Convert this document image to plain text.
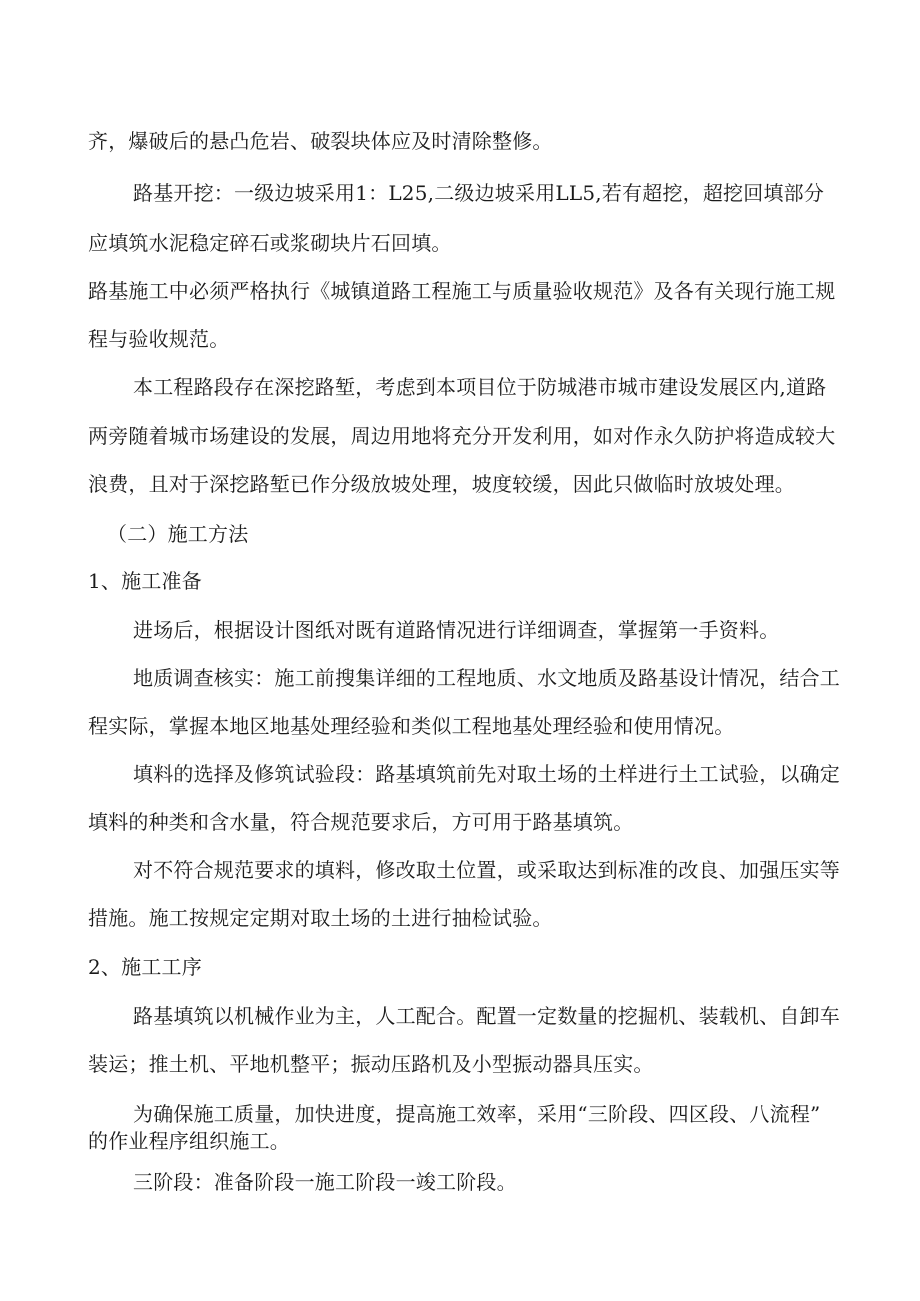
齐，爆破后的悬凸危岩、破裂块体应及时清除整修。
路基开挖：一级边坡采用1：L25,二级边坡采用LL5,若有超挖，超挖回填部分
应填筑水泥稳定碎石或浆砌块片石回填。
路基施工中必须严格执行《城镇道路工程施工与质量验收规范》及各有关现行施工规
程与验收规范。
本工程路段存在深挖路堑，考虑到本项目位于防城港市城市建设发展区内,道路
两旁随着城市场建设的发展，周边用地将充分开发利用，如对作永久防护将造成较大
浪费，且对于深挖路堑已作分级放坡处理，坡度较缓，因此只做临时放坡处理。
（二）施工方法
1、施工准备
进场后，根据设计图纸对既有道路情况进行详细调查，掌握第一手资料。
地质调查核实：施工前搜集详细的工程地质、水文地质及路基设计情况，结合工
程实际，掌握本地区地基处理经验和类似工程地基处理经验和使用情况。
填料的选择及修筑试验段：路基填筑前先对取土场的土样进行土工试验，以确定
填料的种类和含水量，符合规范要求后，方可用于路基填筑。
对不符合规范要求的填料，修改取土位置，或采取达到标准的改良、加强压实等
措施。施工按规定定期对取土场的土进行抽检试验。
2、施工工序
路基填筑以机械作业为主，人工配合。配置一定数量的挖掘机、装载机、自卸车
装运；推土机、平地机整平；振动压路机及小型振动器具压实。
为确保施工质量，加快进度，提高施工效率，采用“三阶段、四区段、八流程”
的作业程序组织施工。
三阶段：准备阶段一施工阶段一竣工阶段。
